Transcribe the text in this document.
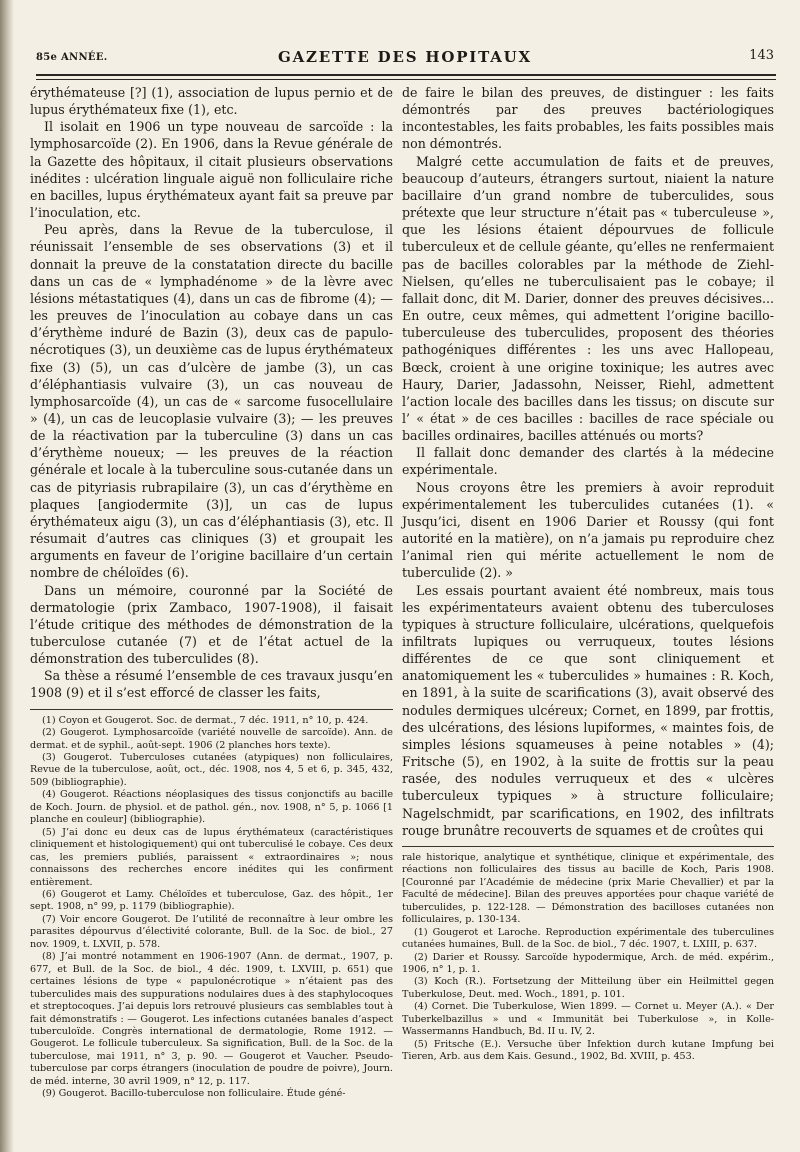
85e ANNÉE.	GAZETTE DES HOPITAUX	143

érythémateuse [?] (1), association de lupus pernio et de lupus érythémateux fixe (1), etc.

Il isolait en 1906 un type nouveau de sarcoïde : la lymphosarcoïde (2). En 1906, dans la Revue générale de la Gazette des hôpitaux, il citait plusieurs observations inédites : ulcération linguale aiguë non folliculaire riche en bacilles, lupus érythémateux ayant fait sa preuve par l’inoculation, etc.

Peu après, dans la Revue de la tuberculose, il réunissait l’ensemble de ses observations (3) et il donnait la preuve de la constatation directe du bacille dans un cas de « lymphadénome » de la lèvre avec lésions métastatiques (4), dans un cas de fibrome (4); — les preuves de l’inoculation au cobaye dans un cas d’érythème induré de Bazin (3), deux cas de papulo-nécrotiques (3), un deuxième cas de lupus érythémateux fixe (3) (5), un cas d’ulcère de jambe (3), un cas d’éléphantiasis vulvaire (3), un cas nouveau de lymphosarcoïde (4), un cas de « sarcome fusocellulaire » (4), un cas de leucoplasie vulvaire (3); — les preuves de la réactivation par la tuberculine (3) dans un cas d’érythème noueux; — les preuves de la réaction générale et locale à la tuberculine sous-cutanée dans un cas de pityriasis rubrapilaire (3), un cas d’érythème en plaques [angiodermite (3)], un cas de lupus érythémateux aigu (3), un cas d’éléphantiasis (3), etc. Il résumait d’autres cas cliniques (3) et groupait les arguments en faveur de l’origine bacillaire d’un certain nombre de chéloïdes (6).

Dans un mémoire, couronné par la Société de dermatologie (prix Zambaco, 1907-1908), il faisait l’étude critique des méthodes de démonstration de la tuberculose cutanée (7) et de l’état actuel de la démonstration des tuberculides (8).

Sa thèse a résumé l’ensemble de ces travaux jusqu’en 1908 (9) et il s’est efforcé de classer les faits,

(1) Coyon et Gougerot. Soc. de dermat., 7 déc. 1911, n° 10, p. 424.

(2) Gougerot. Lymphosarcoïde (variété nouvelle de sarcoïde). Ann. de dermat. et de syphil., août-sept. 1906 (2 planches hors texte).

(3) Gougerot. Tuberculoses cutanées (atypiques) non folliculaires, Revue de la tuberculose, août, oct., déc. 1908, nos 4, 5 et 6, p. 345, 432, 509 (bibliographie).

(4) Gougerot. Réactions néoplasiques des tissus conjonctifs au bacille de Koch. Journ. de physiol. et de pathol. gén., nov. 1908, n° 5, p. 1066 [1 planche en couleur] (bibliographie).

(5) J’ai donc eu deux cas de lupus érythémateux (caractéristiques cliniquement et histologiquement) qui ont tuberculisé le cobaye. Ces deux cas, les premiers publiés, paraissent « extraordinaires »; nous connaissons des recherches encore inédites qui les confirment entièrement.

(6) Gougerot et Lamy. Chéloïdes et tuberculose, Gaz. des hôpit., 1er sept. 1908, n° 99, p. 1179 (bibliographie).

(7) Voir encore Gougerot. De l’utilité de reconnaître à leur ombre les parasites dépourvus d’électivité colorante, Bull. de la Soc. de biol., 27 nov. 1909, t. LXVII, p. 578.

(8) J’ai montré notamment en 1906-1907 (Ann. de dermat., 1907, p. 677, et Bull. de la Soc. de biol., 4 déc. 1909, t. LXVIII, p. 651) que certaines lésions de type « papulonécrotique » n’étaient pas des tuberculides mais des suppurations nodulaires dues à des staphylocoques et streptocoques. J’ai depuis lors retrouvé plusieurs cas semblables tout à fait démonstratifs : — Gougerot. Les infections cutanées banales d’aspect tuberculoïde. Congrès international de dermatologie, Rome 1912. — Gougerot. Le follicule tuberculeux. Sa signification, Bull. de la Soc. de la tuberculose, mai 1911, n° 3, p. 90. — Gougerot et Vaucher. Pseudo-tuberculose par corps étrangers (inoculation de poudre de poivre), Journ. de méd. interne, 30 avril 1909, n° 12, p. 117.

(9) Gougerot. Bacillo-tuberculose non folliculaire. Étude géné-

de faire le bilan des preuves, de distinguer : les faits démontrés par des preuves bactériologiques incontestables, les faits probables, les faits possibles mais non démontrés.

Malgré cette accumulation de faits et de preuves, beaucoup d’auteurs, étrangers surtout, niaient la nature bacillaire d’un grand nombre de tuberculides, sous prétexte que leur structure n’était pas « tuberculeuse », que les lésions étaient dépourvues de follicule tuberculeux et de cellule géante, qu’elles ne renfermaient pas de bacilles colorables par la méthode de Ziehl-Nielsen, qu’elles ne tuberculisaient pas le cobaye; il fallait donc, dit M. Darier, donner des preuves décisives... En outre, ceux mêmes, qui admettent l’origine bacillo-tuberculeuse des tuberculides, proposent des théories pathogéniques différentes : les uns avec Hallopeau, Bœck, croient à une origine toxinique; les autres avec Haury, Darier, Jadassohn, Neisser, Riehl, admettent l’action locale des bacilles dans les tissus; on discute sur l’ « état » de ces bacilles : bacilles de race spéciale ou bacilles ordinaires, bacilles atténués ou morts?

Il fallait donc demander des clartés à la médecine expérimentale.

Nous croyons être les premiers à avoir reproduit expérimentalement les tuberculides cutanées (1). « Jusqu’ici, disent en 1906 Darier et Roussy (qui font autorité en la matière), on n’a jamais pu reproduire chez l’animal rien qui mérite actuellement le nom de tuberculide (2). »

Les essais pourtant avaient été nombreux, mais tous les expérimentateurs avaient obtenu des tuberculoses typiques à structure folliculaire, ulcérations, quelquefois infiltrats lupiques ou verruqueux, toutes lésions différentes de ce que sont cliniquement et anatomiquement les « tuberculides » humaines : R. Koch, en 1891, à la suite de scarifications (3), avait observé des nodules dermiques ulcéreux; Cornet, en 1899, par frottis, des ulcérations, des lésions lupiformes, « maintes fois, de simples lésions squameuses à peine notables » (4); Fritsche (5), en 1902, à la suite de frottis sur la peau rasée, des nodules verruqueux et des « ulcères tuberculeux typiques » à structure folliculaire; Nagelschmidt, par scarifications, en 1902, des infiltrats rouge brunâtre recouverts de squames et de croûtes qui

rale historique, analytique et synthétique, clinique et expérimentale, des réactions non folliculaires des tissus au bacille de Koch, Paris 1908. [Couronné par l’Académie de médecine (prix Marie Chevallier) et par la Faculté de médecine]. Bilan des preuves apportées pour chaque variété de tuberculides, p. 122-128. — Démonstration des bacilloses cutanées non folliculaires, p. 130-134.

(1) Gougerot et Laroche. Reproduction expérimentale des tuberculines cutanées humaines, Bull. de la Soc. de biol., 7 déc. 1907, t. LXIII, p. 637.

(2) Darier et Roussy. Sarcoïde hypodermique, Arch. de méd. expérim., 1906, n° 1, p. 1.

(3) Koch (R.). Fortsetzung der Mitteilung über ein Heilmittel gegen Tuberkulose, Deut. med. Woch., 1891, p. 101.

(4) Cornet. Die Tuberkulose, Wien 1899. — Cornet u. Meyer (A.). « Der Tuberkelbazillus » und « Immunität bei Tuberkulose », in Kolle-Wassermanns Handbuch, Bd. II u. IV, 2.

(5) Fritsche (E.). Versuche über Infektion durch kutane Impfung bei Tieren, Arb. aus dem Kais. Gesund., 1902, Bd. XVIII, p. 453.
